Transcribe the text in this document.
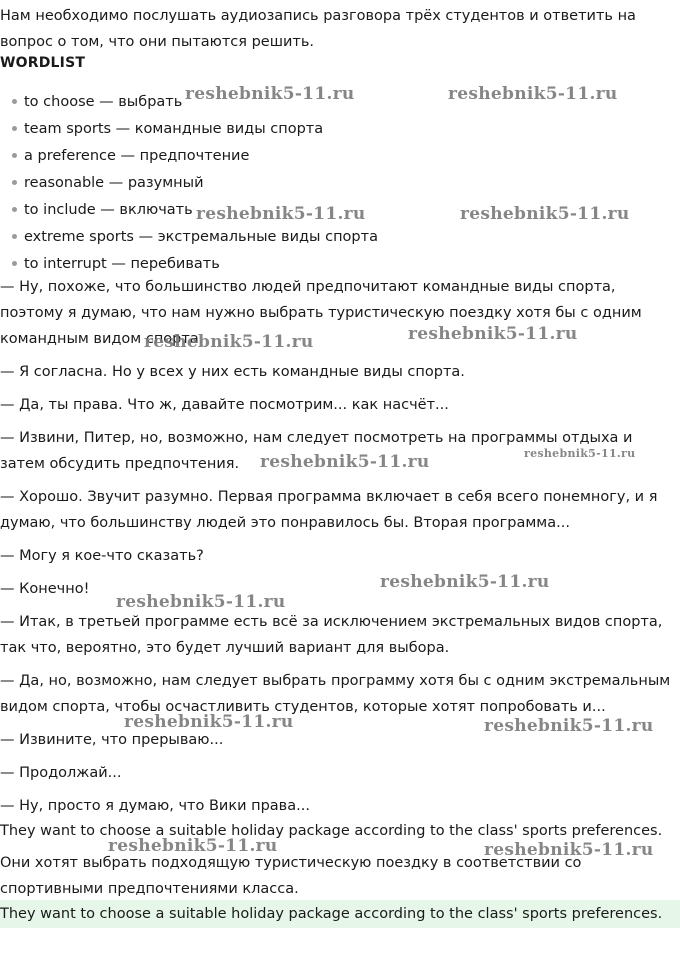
Нам необходимо послушать аудиозапись разговора трёх студентов и ответить на вопрос о том, что они пытаются решить.
WORDLIST
to choose — выбрать
team sports — командные виды спорта
a preference — предпочтение
reasonable — разумный
to include — включать
extreme sports — экстремальные виды спорта
to interrupt — перебивать

— Ну, похоже, что большинство людей предпочитают командные виды спорта, поэтому я думаю, что нам нужно выбрать туристическую поездку хотя бы с одним командным видом спорта.

— Я согласна. Но у всех у них есть командные виды спорта.

— Да, ты права. Что ж, давайте посмотрим... как насчёт...

— Извини, Питер, но, возможно, нам следует посмотреть на программы отдыха и затем обсудить предпочтения.

— Хорошо. Звучит разумно. Первая программа включает в себя всего понемногу, и я думаю, что большинству людей это понравилось бы. Вторая программа...

— Могу я кое-что сказать?

— Конечно!

— Итак, в третьей программе есть всё за исключением экстремальных видов спорта, так что, вероятно, это будет лучший вариант для выбора.

— Да, но, возможно, нам следует выбрать программу хотя бы с одним экстремальным видом спорта, чтобы осчастливить студентов, которые хотят попробовать и...

— Извините, что прерываю...

— Продолжай...

— Ну, просто я думаю, что Вики права...

They want to choose a suitable holiday package according to the class' sports preferences.
Они хотят выбрать подходящую туристическую поездку в соответствии со спортивными предпочтениями класса.
They want to choose a suitable holiday package according to the class' sports preferences.
reshebnik5-11.ru	reshebnik5-11.ru
reshebnik5-11.ru	reshebnik5-11.ru
reshebnik5-11.ru
reshebnik5-11.ru
reshebnik5-11.ru	reshebnik5-11.ru
reshebnik5-11.ru
reshebnik5-11.ru
reshebnik5-11.ru	reshebnik5-11.ru
reshebnik5-11.ru	reshebnik5-11.ru
